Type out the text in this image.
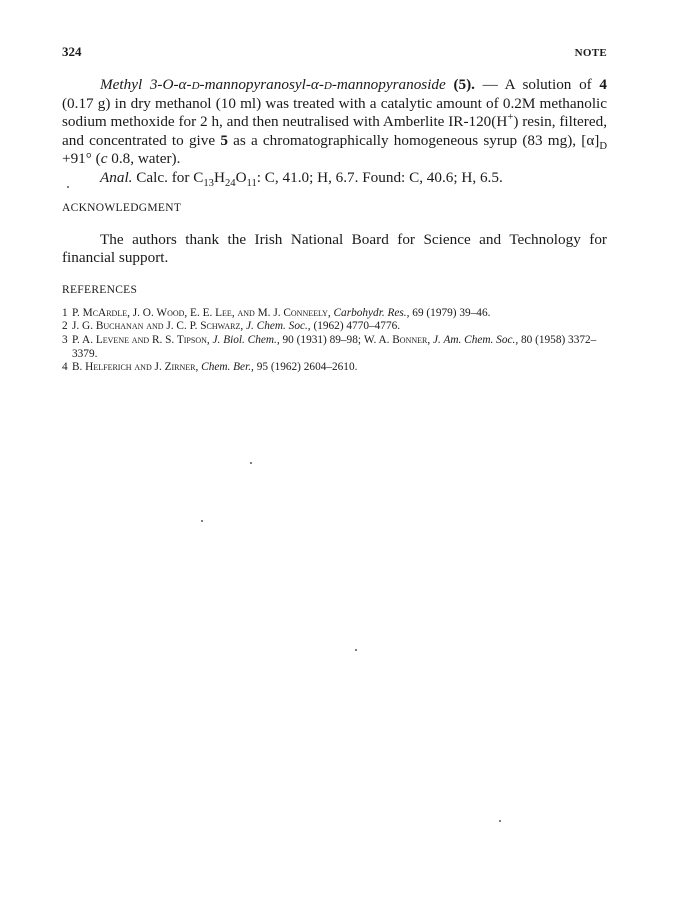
324	NOTE

Methyl 3-O-α-d-mannopyranosyl-α-d-mannopyranoside (5). — A solution of 4 (0.17 g) in dry methanol (10 ml) was treated with a catalytic amount of 0.2M methanolic sodium methoxide for 2 h, and then neutralised with Amberlite IR-120(H+) resin, filtered, and concentrated to give 5 as a chromatographically homogeneous syrup (83 mg), $[\alpha]_D +91^\circ$ (c 0.8, water).

Anal. Calc. for $C_{13}H_{24}O_{11}$: C, 41.0; H, 6.7. Found: C, 40.6; H, 6.5.

ACKNOWLEDGMENT

The authors thank the Irish National Board for Science and Technology for financial support.

REFERENCES

1 P. McArdle, J. O. Wood, E. E. Lee, and M. J. Conneely, Carbohydr. Res., 69 (1979) 39–46.
2 J. G. Buchanan and J. C. P. Schwarz, J. Chem. Soc., (1962) 4770–4776.
3 P. A. Levene and R. S. Tipson, J. Biol. Chem., 90 (1931) 89–98; W. A. Bonner, J. Am. Chem. Soc., 80 (1958) 3372–3379.
4 B. Helferich and J. Zirner, Chem. Ber., 95 (1962) 2604–2610.
